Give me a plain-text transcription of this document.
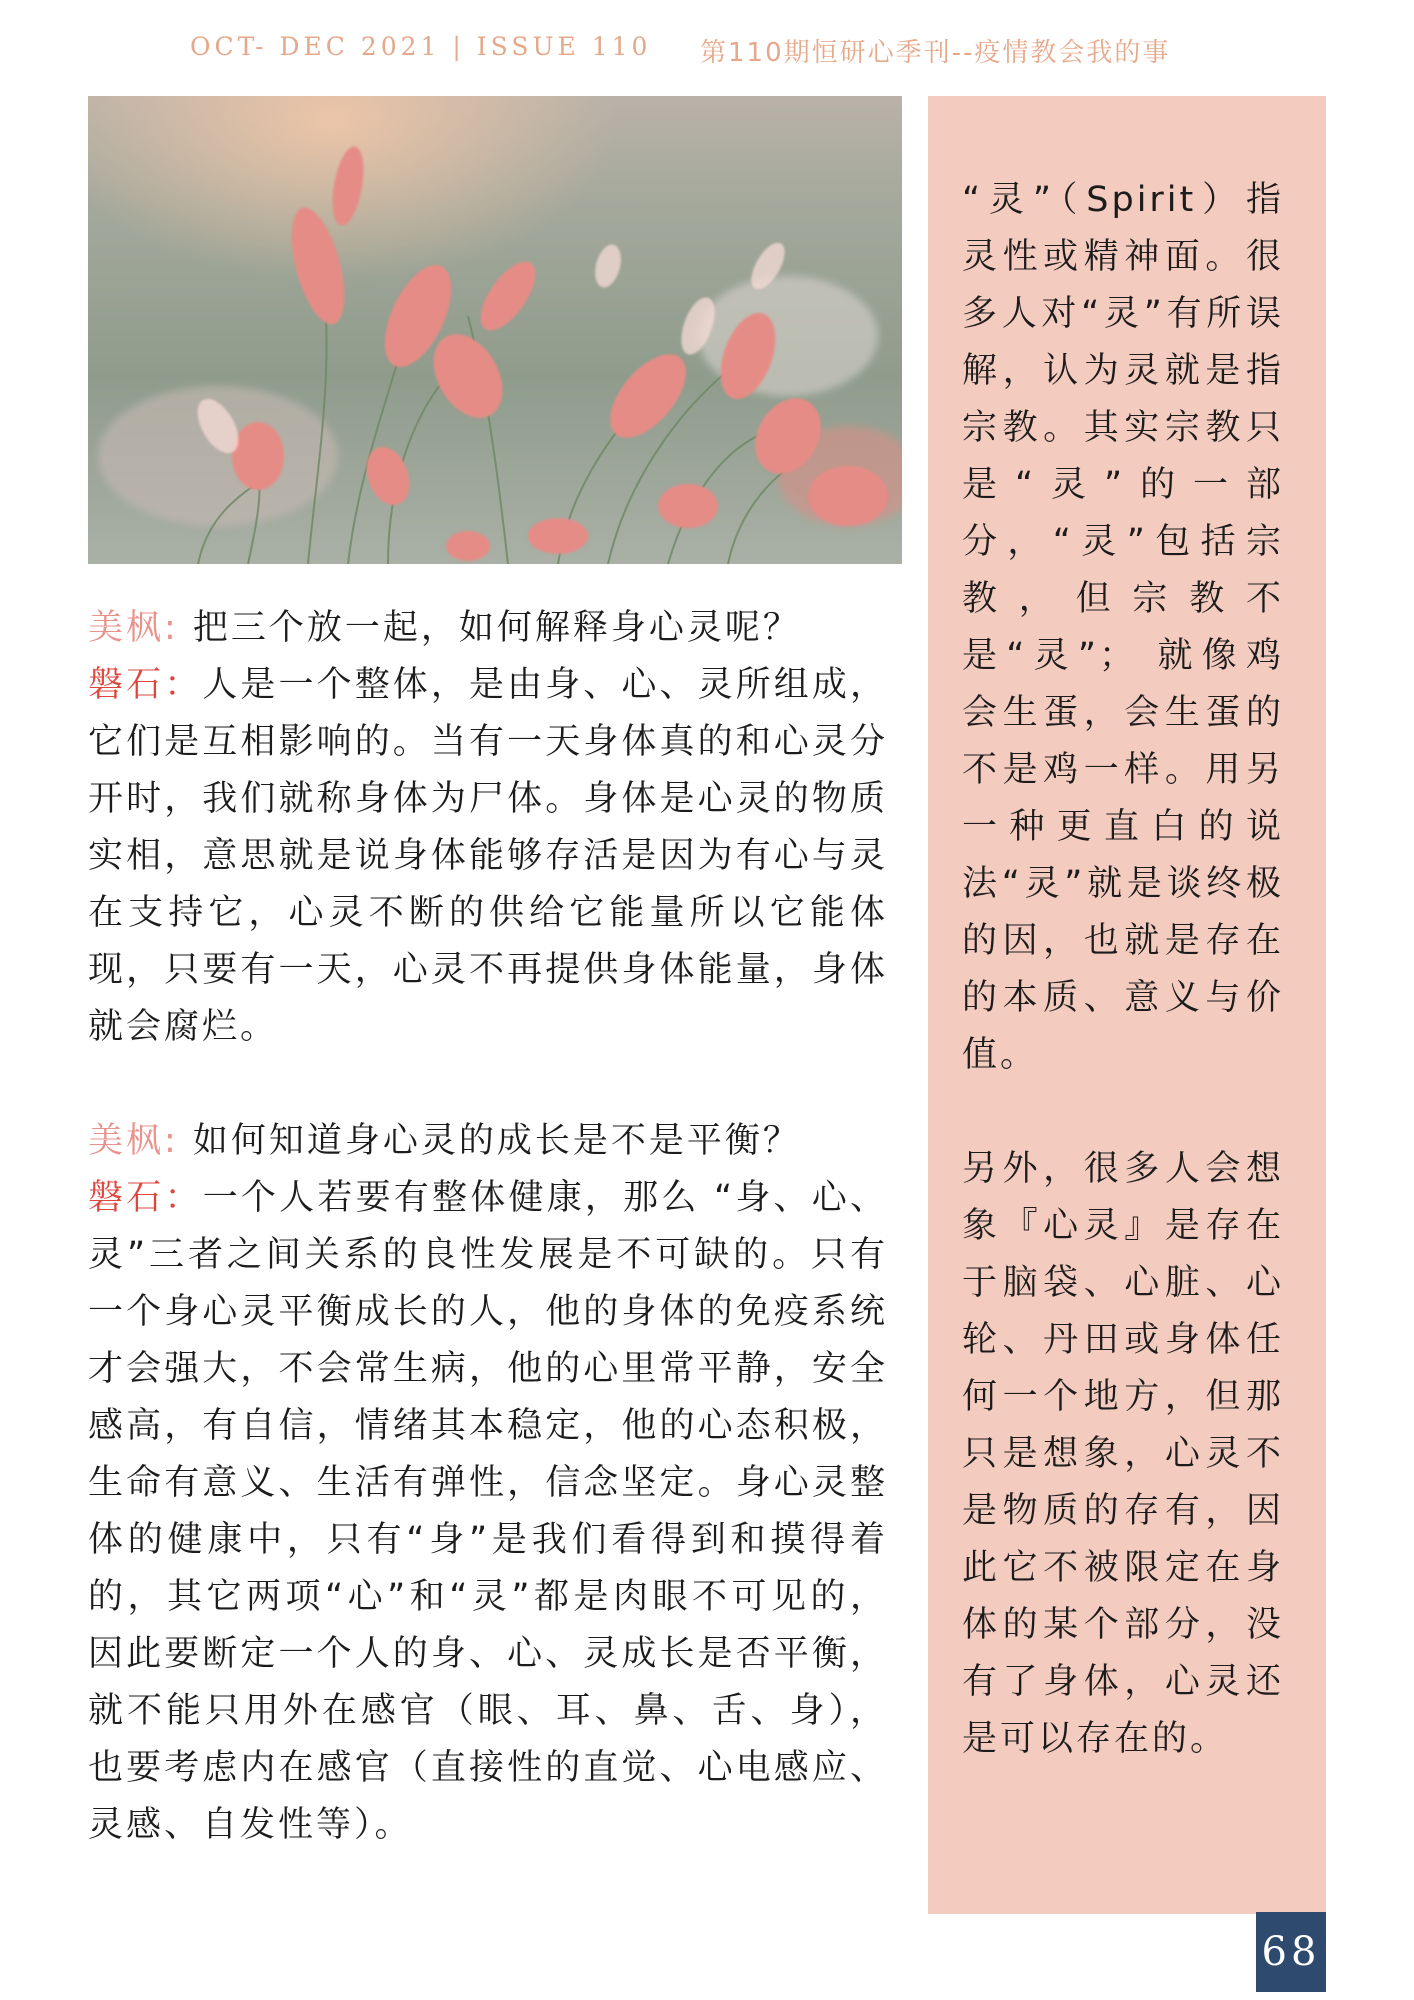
OCT- DEC 2021 | ISSUE 110 第110期恒研心季刊--疫情教会我的事

美枫: 把三个放一起，如何解释身心灵呢？

磐石：人是一个整体，是由身、心、灵所组成，它们是互相影响的。当有一天身体真的和心灵分开时，我们就称身体为尸体。身体是心灵的物质实相，意思就是说身体能够存活是因为有心与灵在支持它，心灵不断的供给它能量所以它能体现，只要有一天，心灵不再提供身体能量，身体就会腐烂。

美枫: 如何知道身心灵的成长是不是平衡？

磐石：一个人若要有整体健康，那么 “身、心、灵”三者之间关系的良性发展是不可缺的。只有一个身心灵平衡成长的人，他的身体的免疫系统才会强大，不会常生病，他的心里常平静，安全感高，有自信，情绪其本稳定，他的心态积极，生命有意义、生活有弹性，信念坚定。身心灵整体的健康中，只有“身”是我们看得到和摸得着的，其它两项“心”和“灵”都是肉眼不可见的，因此要断定一个人的身、心、灵成长是否平衡，就不能只用外在感官（眼、耳、鼻、舌、身），也要考虑内在感官（直接性的直觉、心电感应、灵感、自发性等）。

“灵”（Spirit）指灵性或精神面。很多人对“灵”有所误解，认为灵就是指宗教。其实宗教只是“灵”的一部分，“灵”包括宗教，但宗教不是“灵”； 就像鸡会生蛋，会生蛋的不是鸡一样。用另一种更直白的说法“灵”就是谈终极的因，也就是存在的本质、意义与价值。

另外，很多人会想象『心灵』是存在于脑袋、心脏、心轮、丹田或身体任何一个地方，但那只是想象，心灵不是物质的存有，因此它不被限定在身体的某个部分，没有了身体，心灵还是可以存在的。

68
